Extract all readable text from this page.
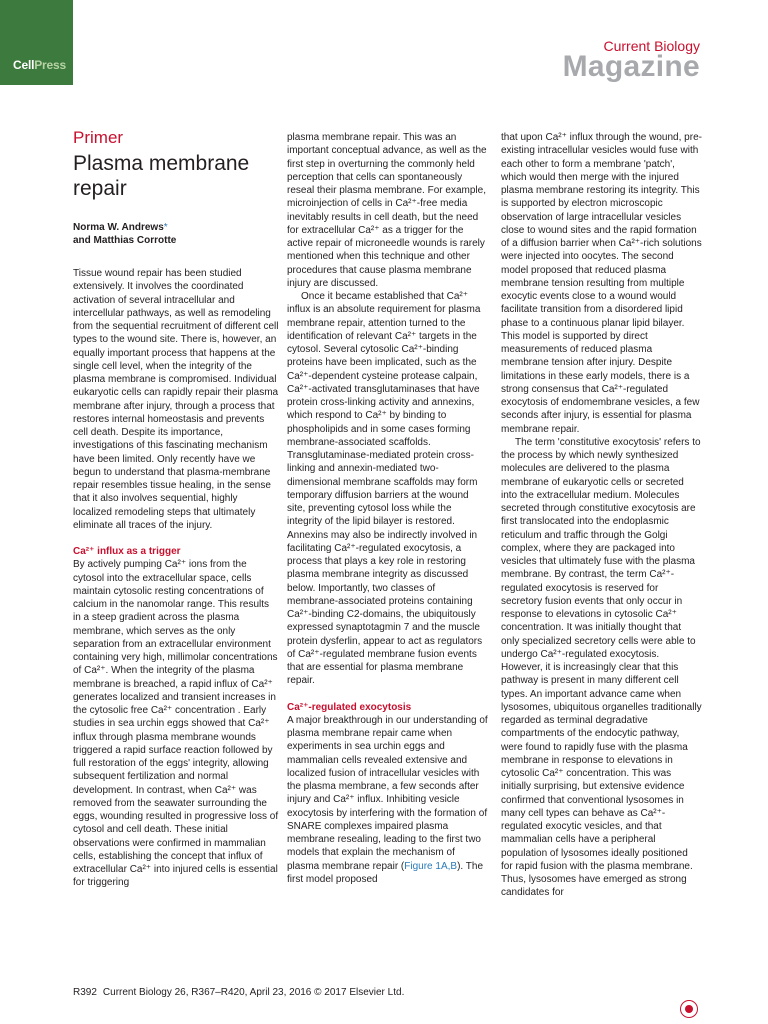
CellPress
Current Biology
Magazine
Primer
Plasma membrane repair
Norma W. Andrews*
and Matthias Corrotte

Tissue wound repair has been studied extensively. It involves the coordinated activation of several intracellular and intercellular pathways, as well as remodeling from the sequential recruitment of different cell types to the wound site. There is, however, an equally important process that happens at the single cell level, when the integrity of the plasma membrane is compromised. Individual eukaryotic cells can rapidly repair their plasma membrane after injury, through a process that restores internal homeostasis and prevents cell death. Despite its importance, investigations of this fascinating mechanism have been limited. Only recently have we begun to understand that plasma-membrane repair resembles tissue healing, in the sense that it also involves sequential, highly localized remodeling steps that ultimately eliminate all traces of the injury.

Ca²⁺ influx as a trigger

By actively pumping Ca²⁺ ions from the cytosol into the extracellular space, cells maintain cytosolic resting concentrations of calcium in the nanomolar range. This results in a steep gradient across the plasma membrane, which serves as the only separation from an extracellular environment containing very high, millimolar concentrations of Ca²⁺. When the integrity of the plasma membrane is breached, a rapid influx of Ca²⁺ generates localized and transient increases in the cytosolic free Ca²⁺ concentration . Early studies in sea urchin eggs showed that Ca²⁺ influx through plasma membrane wounds triggered a rapid surface reaction followed by full restoration of the eggs' integrity, allowing subsequent fertilization and normal development. In contrast, when Ca²⁺ was removed from the seawater surrounding the eggs, wounding resulted in progressive loss of cytosol and cell death. These initial observations were confirmed in mammalian cells, establishing the concept that influx of extracellular Ca²⁺ into injured cells is essential for triggering

plasma membrane repair. This was an important conceptual advance, as well as the first step in overturning the commonly held perception that cells can spontaneously reseal their plasma membrane. For example, microinjection of cells in Ca²⁺-free media inevitably results in cell death, but the need for extracellular Ca²⁺ as a trigger for the active repair of microneedle wounds is rarely mentioned when this technique and other procedures that cause plasma membrane injury are discussed.

Once it became established that Ca²⁺ influx is an absolute requirement for plasma membrane repair, attention turned to the identification of relevant Ca²⁺ targets in the cytosol. Several cytosolic Ca²⁺-binding proteins have been implicated, such as the Ca²⁺-dependent cysteine protease calpain, Ca²⁺-activated transglutaminases that have protein cross-linking activity and annexins, which respond to Ca²⁺ by binding to phospholipids and in some cases forming membrane-associated scaffolds. Transglutaminase-mediated protein cross-linking and annexin-mediated two-dimensional membrane scaffolds may form temporary diffusion barriers at the wound site, preventing cytosol loss while the integrity of the lipid bilayer is restored. Annexins may also be indirectly involved in facilitating Ca²⁺-regulated exocytosis, a process that plays a key role in restoring plasma membrane integrity as discussed below. Importantly, two classes of membrane-associated proteins containing Ca²⁺-binding C2-domains, the ubiquitously expressed synaptotagmin 7 and the muscle protein dysferlin, appear to act as regulators of Ca²⁺-regulated membrane fusion events that are essential for plasma membrane repair.

Ca²⁺-regulated exocytosis

A major breakthrough in our understanding of plasma membrane repair came when experiments in sea urchin eggs and mammalian cells revealed extensive and localized fusion of intracellular vesicles with the plasma membrane, a few seconds after injury and Ca²⁺ influx. Inhibiting vesicle exocytosis by interfering with the formation of SNARE complexes impaired plasma membrane resealing, leading to the first two models that explain the mechanism of plasma membrane repair (Figure 1A,B). The first model proposed

that upon Ca²⁺ influx through the wound, pre-existing intracellular vesicles would fuse with each other to form a membrane 'patch', which would then merge with the injured plasma membrane restoring its integrity. This is supported by electron microscopic observation of large intracellular vesicles close to wound sites and the rapid formation of a diffusion barrier when Ca²⁺-rich solutions were injected into oocytes. The second model proposed that reduced plasma membrane tension resulting from multiple exocytic events close to a wound would facilitate transition from a disordered lipid phase to a continuous planar lipid bilayer. This model is supported by direct measurements of reduced plasma membrane tension after injury. Despite limitations in these early models, there is a strong consensus that Ca²⁺-regulated exocytosis of endomembrane vesicles, a few seconds after injury, is essential for plasma membrane repair.

The term 'constitutive exocytosis' refers to the process by which newly synthesized molecules are delivered to the plasma membrane of eukaryotic cells or secreted into the extracellular medium. Molecules secreted through constitutive exocytosis are first translocated into the endoplasmic reticulum and traffic through the Golgi complex, where they are packaged into vesicles that ultimately fuse with the plasma membrane. By contrast, the term Ca²⁺-regulated exocytosis is reserved for secretory fusion events that only occur in response to elevations in cytosolic Ca²⁺ concentration. It was initially thought that only specialized secretory cells were able to undergo Ca²⁺-regulated exocytosis. However, it is increasingly clear that this pathway is present in many different cell types. An important advance came when lysosomes, ubiquitous organelles traditionally regarded as terminal degradative compartments of the endocytic pathway, were found to rapidly fuse with the plasma membrane in response to elevations in cytosolic Ca²⁺ concentration. This was initially surprising, but extensive evidence confirmed that conventional lysosomes in many cell types can behave as Ca²⁺-regulated exocytic vesicles, and that mammalian cells have a peripheral population of lysosomes ideally positioned for rapid fusion with the plasma membrane. Thus, lysosomes have emerged as strong candidates for

R392 Current Biology 26, R367–R420, April 23, 2016 © 2017 Elsevier Ltd.
